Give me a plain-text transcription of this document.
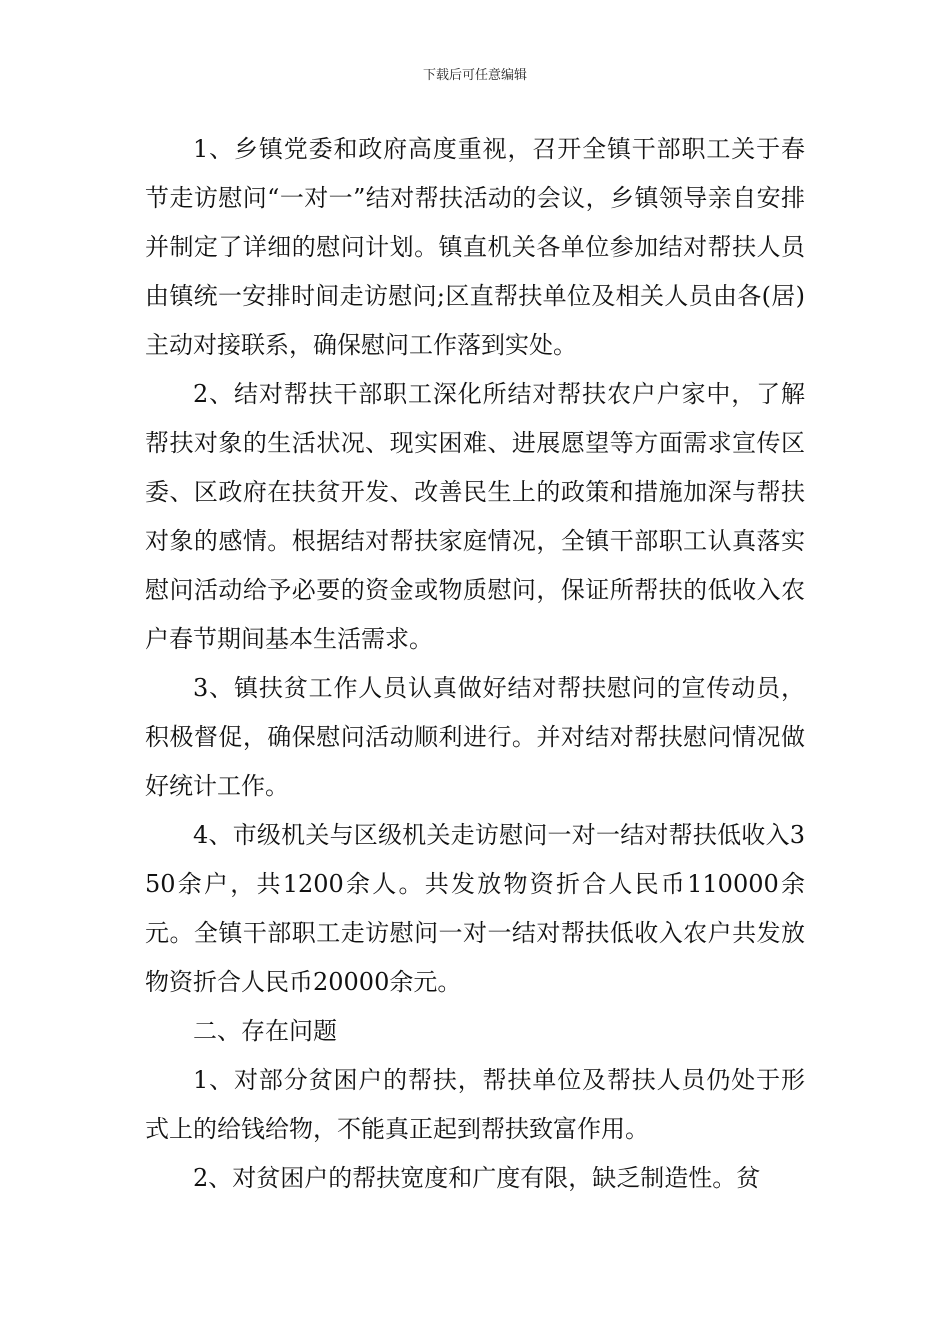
下载后可任意编辑

1、乡镇党委和政府高度重视，召开全镇干部职工关于春节走访慰问“一对一”结对帮扶活动的会议，乡镇领导亲自安排并制定了详细的慰问计划。镇直机关各单位参加结对帮扶人员由镇统一安排时间走访慰问;区直帮扶单位及相关人员由各(居)主动对接联系，确保慰问工作落到实处。

2、结对帮扶干部职工深化所结对帮扶农户户家中，了解帮扶对象的生活状况、现实困难、进展愿望等方面需求宣传区委、区政府在扶贫开发、改善民生上的政策和措施加深与帮扶对象的感情。根据结对帮扶家庭情况，全镇干部职工认真落实慰问活动给予必要的资金或物质慰问，保证所帮扶的低收入农户春节期间基本生活需求。

3、镇扶贫工作人员认真做好结对帮扶慰问的宣传动员，积极督促，确保慰问活动顺利进行。并对结对帮扶慰问情况做好统计工作。

4、市级机关与区级机关走访慰问一对一结对帮扶低收入350余户，共1200余人。共发放物资折合人民币110000余元。全镇干部职工走访慰问一对一结对帮扶低收入农户共发放物资折合人民币20000余元。

二、存在问题

1、对部分贫困户的帮扶，帮扶单位及帮扶人员仍处于形式上的给钱给物，不能真正起到帮扶致富作用。

2、对贫困户的帮扶宽度和广度有限，缺乏制造性。贫
